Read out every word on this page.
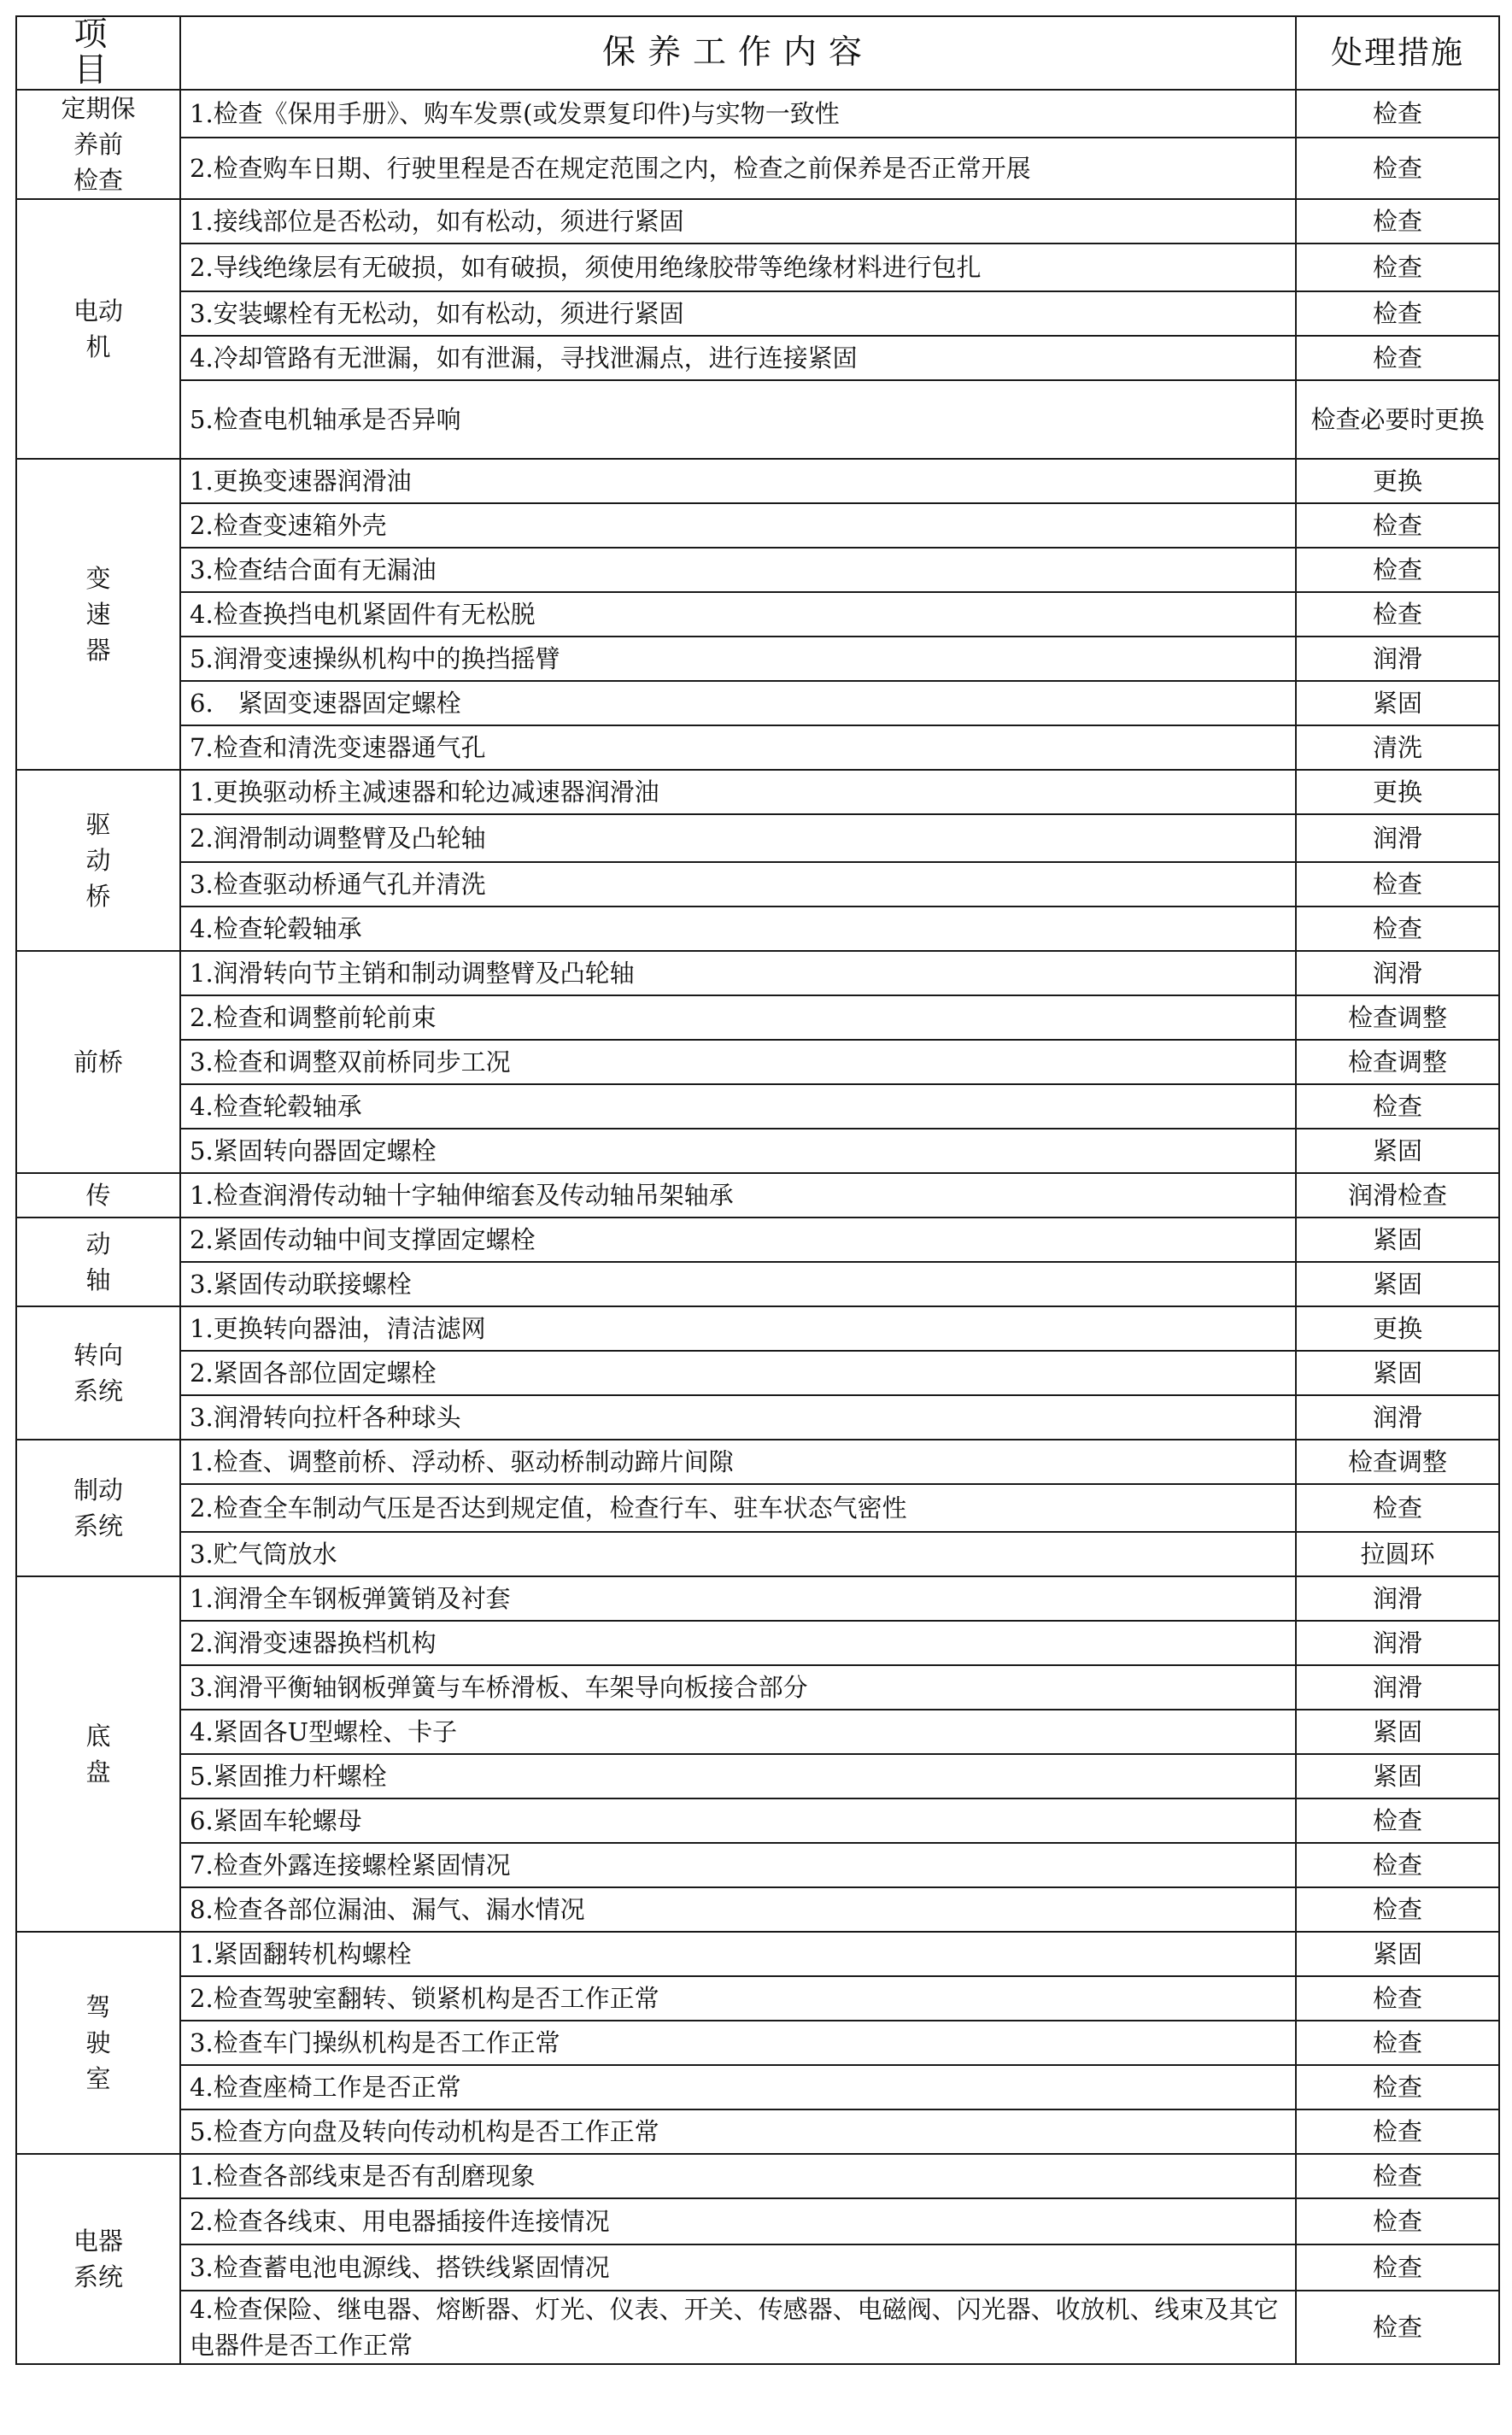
项　目	保养工作内容	处理措施

定期保
养前
检查	1.检查《保用手册》、购车发票(或发票复印件)与实物一致性	检查
	2.检查购车日期、行驶里程是否在规定范围之内，检查之前保养是否正常开展	检查

电动
机	1.接线部位是否松动，如有松动，须进行紧固	检查
	2.导线绝缘层有无破损，如有破损，须使用绝缘胶带等绝缘材料进行包扎	检查
	3.安装螺栓有无松动，如有松动，须进行紧固	检查
	4.冷却管路有无泄漏，如有泄漏，寻找泄漏点，进行连接紧固	检查
	5.检查电机轴承是否异响	检查必要时更换

变
速
器	1.更换变速器润滑油	更换
	2.检查变速箱外壳	检查
	3.检查结合面有无漏油	检查
	4.检查换挡电机紧固件有无松脱	检查
	5.润滑变速操纵机构中的换挡摇臂	润滑
	6.　紧固变速器固定螺栓	紧固
	7.检查和清洗变速器通气孔	清洗

驱
动
桥	1.更换驱动桥主减速器和轮边减速器润滑油	更换
	2.润滑制动调整臂及凸轮轴	润滑
	3.检查驱动桥通气孔并清洗	检查
	4.检查轮毂轴承	检查

前桥	1.润滑转向节主销和制动调整臂及凸轮轴	润滑
	2.检查和调整前轮前束	检查调整
	3.检查和调整双前桥同步工况	检查调整
	4.检查轮毂轴承	检查
	5.紧固转向器固定螺栓	紧固

传	1.检查润滑传动轴十字轴伸缩套及传动轴吊架轴承	润滑检查

动
轴	2.紧固传动轴中间支撑固定螺栓	紧固
	3.紧固传动联接螺栓	紧固

转向
系统	1.更换转向器油，清洁滤网	更换
	2.紧固各部位固定螺栓	紧固
	3.润滑转向拉杆各种球头	润滑

制动
系统	1.检查、调整前桥、浮动桥、驱动桥制动蹄片间隙	检查调整
	2.检查全车制动气压是否达到规定值，检查行车、驻车状态气密性	检查
	3.贮气筒放水	拉圆环

底
盘	1.润滑全车钢板弹簧销及衬套	润滑
	2.润滑变速器换档机构	润滑
	3.润滑平衡轴钢板弹簧与车桥滑板、车架导向板接合部分	润滑
	4.紧固各U型螺栓、卡子	紧固
	5.紧固推力杆螺栓	紧固
	6.紧固车轮螺母	检查
	7.检查外露连接螺栓紧固情况	检查
	8.检查各部位漏油、漏气、漏水情况	检查

驾
驶
室	1.紧固翻转机构螺栓	紧固
	2.检查驾驶室翻转、锁紧机构是否工作正常	检查
	3.检查车门操纵机构是否工作正常	检查
	4.检查座椅工作是否正常	检查
	5.检查方向盘及转向传动机构是否工作正常	检查

电器
系统	1.检查各部线束是否有刮磨现象	检查
	2.检查各线束、用电器插接件连接情况	检查
	3.检查蓄电池电源线、搭铁线紧固情况	检查
	4.检查保险、继电器、熔断器、灯光、仪表、开关、传感器、电磁阀、闪光器、收放机、线束及其它电器件是否工作正常	检查
